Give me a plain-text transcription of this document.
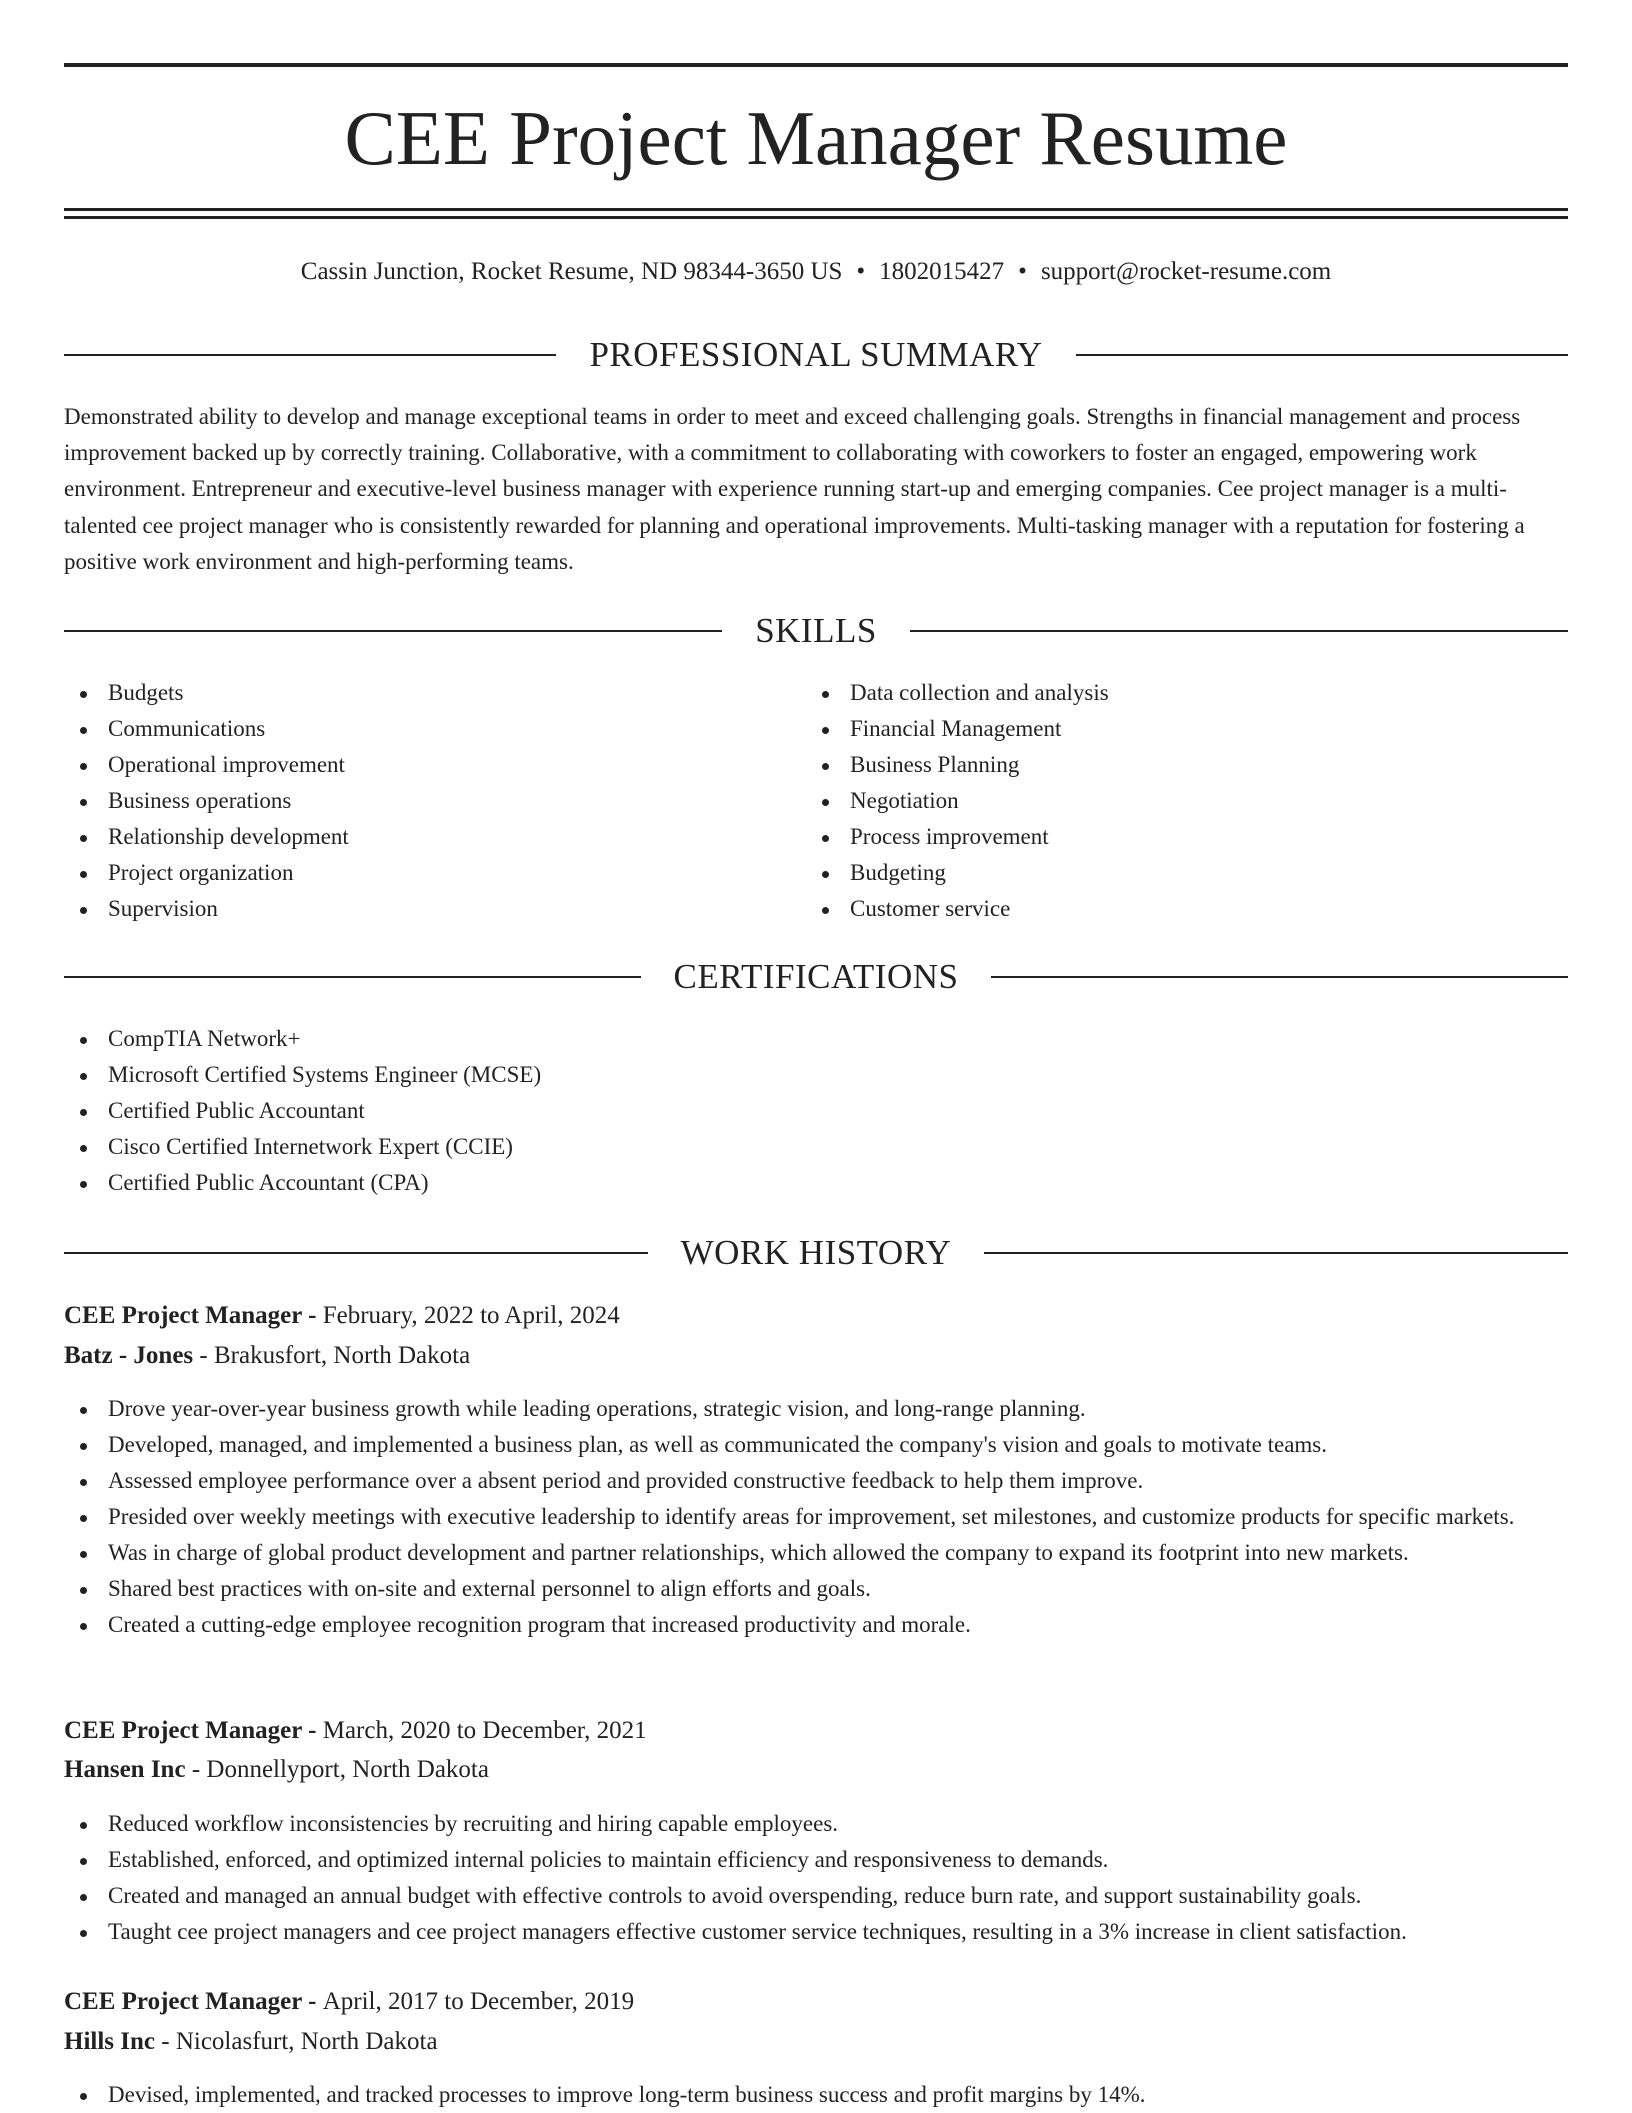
CEE Project Manager Resume
Cassin Junction, Rocket Resume, ND 98344-3650 US • 1802015427 • support@rocket-resume.com
PROFESSIONAL SUMMARY

Demonstrated ability to develop and manage exceptional teams in order to meet and exceed challenging goals. Strengths in financial management and process improvement backed up by correctly training. Collaborative, with a commitment to collaborating with coworkers to foster an engaged, empowering work environment. Entrepreneur and executive-level business manager with experience running start-up and emerging companies. Cee project manager is a multi-talented cee project manager who is consistently rewarded for planning and operational improvements. Multi-tasking manager with a reputation for fostering a positive work environment and high-performing teams.

SKILLS
Budgets
Communications
Operational improvement
Business operations
Relationship development
Project organization
Supervision
Data collection and analysis
Financial Management
Business Planning
Negotiation
Process improvement
Budgeting
Customer service
CERTIFICATIONS
CompTIA Network+
Microsoft Certified Systems Engineer (MCSE)
Certified Public Accountant
Cisco Certified Internetwork Expert (CCIE)
Certified Public Accountant (CPA)
WORK HISTORY
CEE Project Manager - February, 2022 to April, 2024
Batz - Jones - Brakusfort, North Dakota
Drove year-over-year business growth while leading operations, strategic vision, and long-range planning.
Developed, managed, and implemented a business plan, as well as communicated the company's vision and goals to motivate teams.
Assessed employee performance over a absent period and provided constructive feedback to help them improve.
Presided over weekly meetings with executive leadership to identify areas for improvement, set milestones, and customize products for specific markets.
Was in charge of global product development and partner relationships, which allowed the company to expand its footprint into new markets.
Shared best practices with on-site and external personnel to align efforts and goals.
Created a cutting-edge employee recognition program that increased productivity and morale.
CEE Project Manager - March, 2020 to December, 2021
Hansen Inc - Donnellyport, North Dakota
Reduced workflow inconsistencies by recruiting and hiring capable employees.
Established, enforced, and optimized internal policies to maintain efficiency and responsiveness to demands.
Created and managed an annual budget with effective controls to avoid overspending, reduce burn rate, and support sustainability goals.
Taught cee project managers and cee project managers effective customer service techniques, resulting in a 3% increase in client satisfaction.
CEE Project Manager - April, 2017 to December, 2019
Hills Inc - Nicolasfurt, North Dakota
Devised, implemented, and tracked processes to improve long-term business success and profit margins by 14%.
